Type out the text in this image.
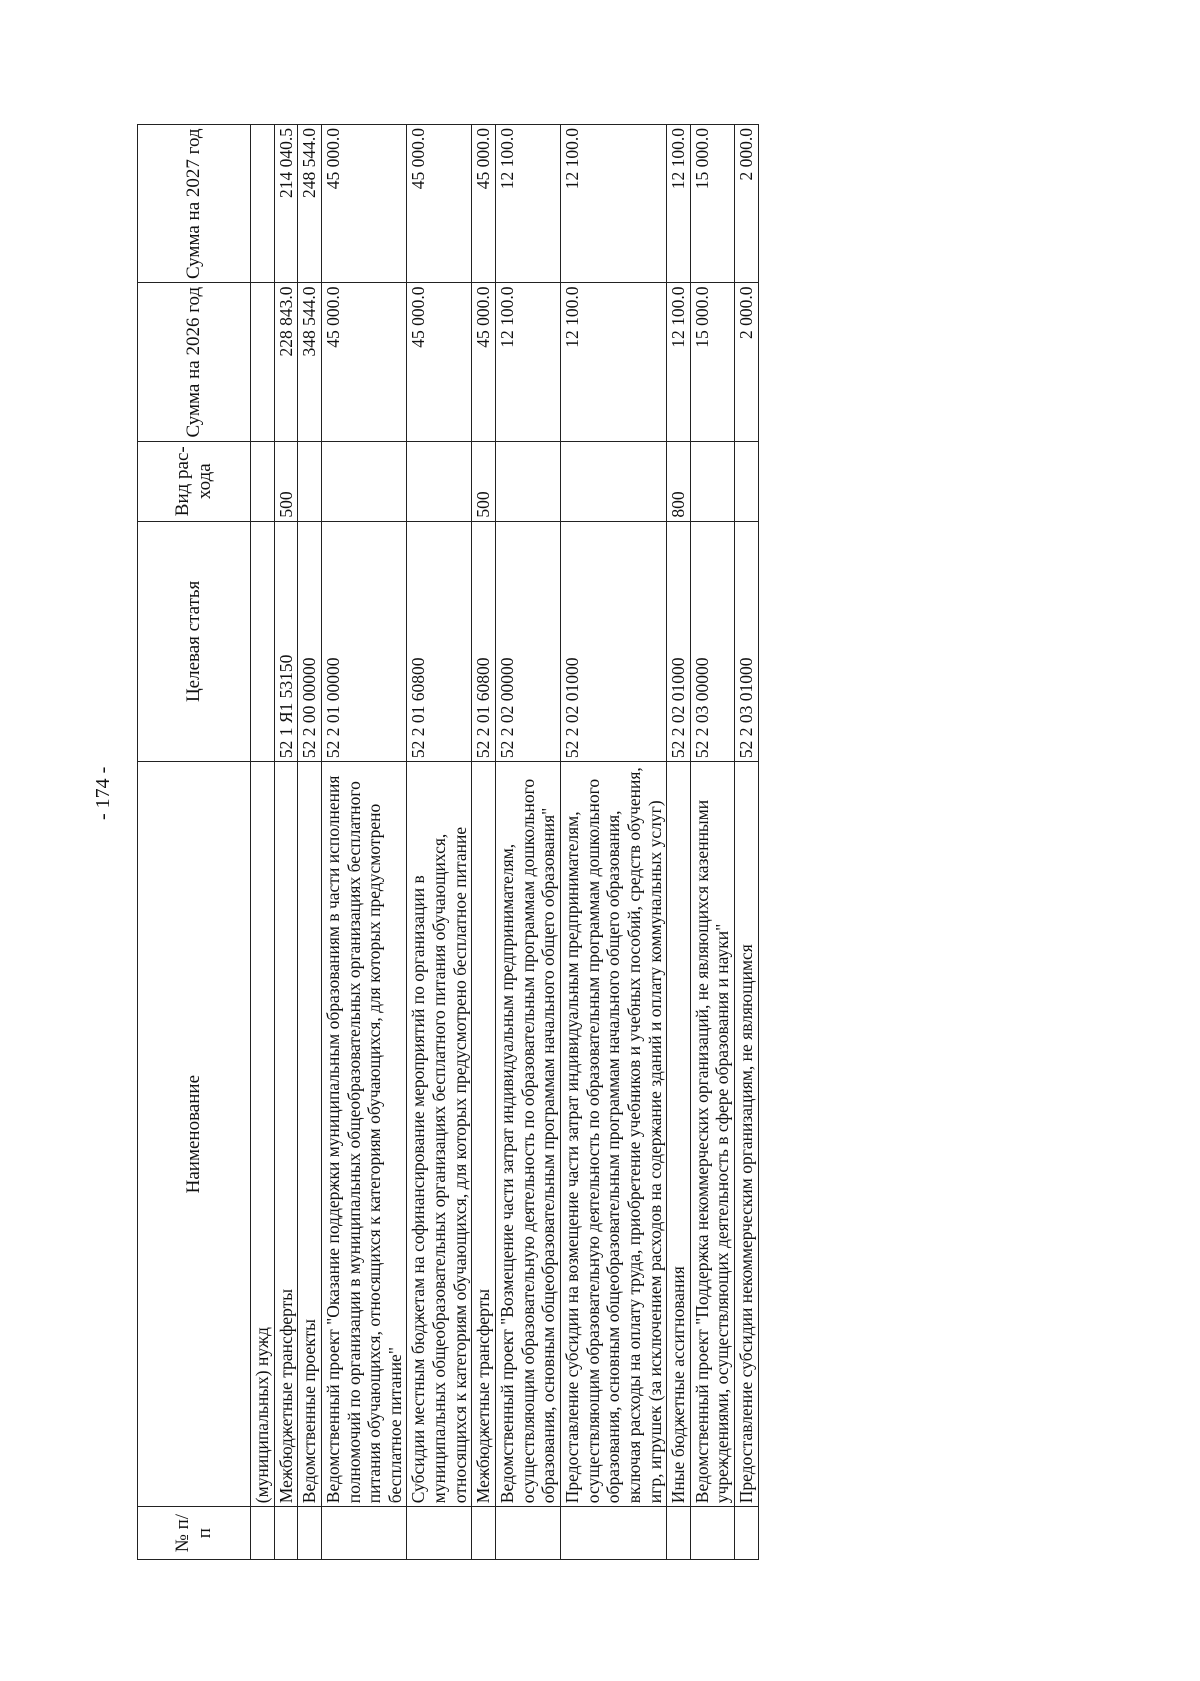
- 174 -
№ п/п	Наименование	Целевая статья	Вид рас-хода	Сумма на 2026 год	Сумма на 2027 год
	(муниципальных) нужд				
	Межбюджетные трансферты	52 1 Я1 53150	500	228 843.0	214 040.5
	Ведомственные проекты	52 2 00 00000		348 544.0	248 544.0
	Ведомственный проект "Оказание поддержки муниципальным образованиям в части исполнения полномочий по организации в муниципальных общеобразовательных организациях бесплатного питания обучающихся, относящихся к категориям обучающихся, для которых предусмотрено бесплатное питание"	52 2 01 00000		45 000.0	45 000.0
	Субсидии местным бюджетам на софинансирование мероприятий по организации в муниципальных общеобразовательных организациях бесплатного питания обучающихся, относящихся к категориям обучающихся, для которых предусмотрено бесплатное питание	52 2 01 60800		45 000.0	45 000.0
	Межбюджетные трансферты	52 2 01 60800	500	45 000.0	45 000.0
	Ведомственный проект "Возмещение части затрат индивидуальным предпринимателям, осуществляющим образовательную деятельность по образовательным программам дошкольного образования, основным общеобразовательным программам начального общего образования"	52 2 02 00000		12 100.0	12 100.0
	Предоставление субсидии на возмещение части затрат индивидуальным предпринимателям, осуществляющим образовательную деятельность по образовательным программам дошкольного образования, основным общеобразовательным программам начального общего образования, включая расходы на оплату труда, приобретение учебников и учебных пособий, средств обучения, игр, игрушек (за исключением расходов на содержание зданий и оплату коммунальных услуг)	52 2 02 01000		12 100.0	12 100.0
	Иные бюджетные ассигнования	52 2 02 01000	800	12 100.0	12 100.0
	Ведомственный проект "Поддержка некоммерческих организаций, не являющихся казенными учреждениями, осуществляющих деятельность в сфере образования и науки"	52 2 03 00000		15 000.0	15 000.0
	Предоставление субсидии некоммерческим организациям, не являющимся	52 2 03 01000		2 000.0	2 000.0
